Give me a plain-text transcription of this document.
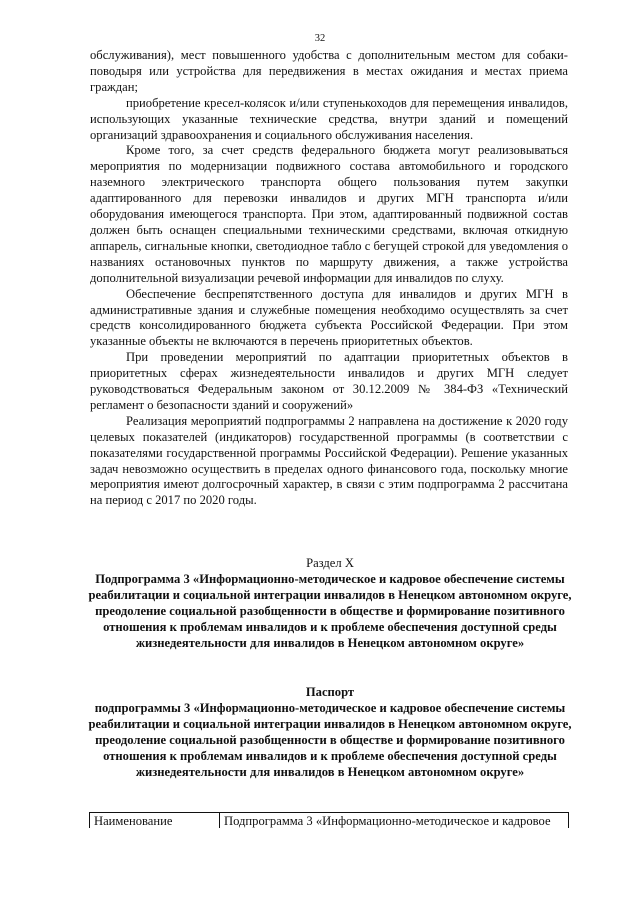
32

обслуживания), мест повышенного удобства с дополнительным местом для собаки-поводыря или устройства для передвижения в местах ожидания и местах приема граждан;

приобретение кресел-колясок и/или ступенькоходов для перемещения инвалидов, использующих указанные технические средства, внутри зданий и помещений организаций здравоохранения и социального обслуживания населения.

Кроме того, за счет средств федерального бюджета могут реализовываться мероприятия по модернизации подвижного состава автомобильного и городского наземного электрического транспорта общего пользования путем закупки адаптированного для перевозки инвалидов и других МГН транспорта и/или оборудования имеющегося транспорта. При этом, адаптированный подвижной состав должен быть оснащен специальными техническими средствами, включая откидную аппарель, сигнальные кнопки, светодиодное табло с бегущей строкой для уведомления о названиях остановочных пунктов по маршруту движения, а также устройства дополнительной визуализации речевой информации для инвалидов по слуху.

Обеспечение беспрепятственного доступа для инвалидов и других МГН в административные здания и служебные помещения необходимо осуществлять за счет средств консолидированного бюджета субъекта Российской Федерации. При этом указанные объекты не включаются в перечень приоритетных объектов.

При проведении мероприятий по адаптации приоритетных объектов в приоритетных сферах жизнедеятельности инвалидов и других МГН следует руководствоваться Федеральным законом от 30.12.2009 № 384-ФЗ «Технический регламент о безопасности зданий и сооружений»

Реализация мероприятий подпрограммы 2 направлена на достижение к 2020 году целевых показателей (индикаторов) государственной программы (в соответствии с показателями государственной программы Российской Федерации). Решение указанных задач невозможно осуществить в пределах одного финансового года, поскольку многие мероприятия имеют долгосрочный характер, в связи с этим подпрограмма 2 рассчитана на период с 2017 по 2020 годы.

Раздел X
Подпрограмма 3 «Информационно-методическое и кадровое обеспечение системы реабилитации и социальной интеграции инвалидов в Ненецком автономном округе, преодоление социальной разобщенности в обществе и формирование позитивного отношения к проблемам инвалидов и к проблеме обеспечения доступной среды жизнедеятельности для инвалидов в Ненецком автономном округе»
Паспорт
подпрограммы 3 «Информационно-методическое и кадровое обеспечение системы реабилитации и социальной интеграции инвалидов в Ненецком автономном округе, преодоление социальной разобщенности в обществе и формирование позитивного отношения к проблемам инвалидов и к проблеме обеспечения доступной среды жизнедеятельности для инвалидов в Ненецком автономном округе»
Наименование	Подпрограмма 3 «Информационно-методическое и кадровое
